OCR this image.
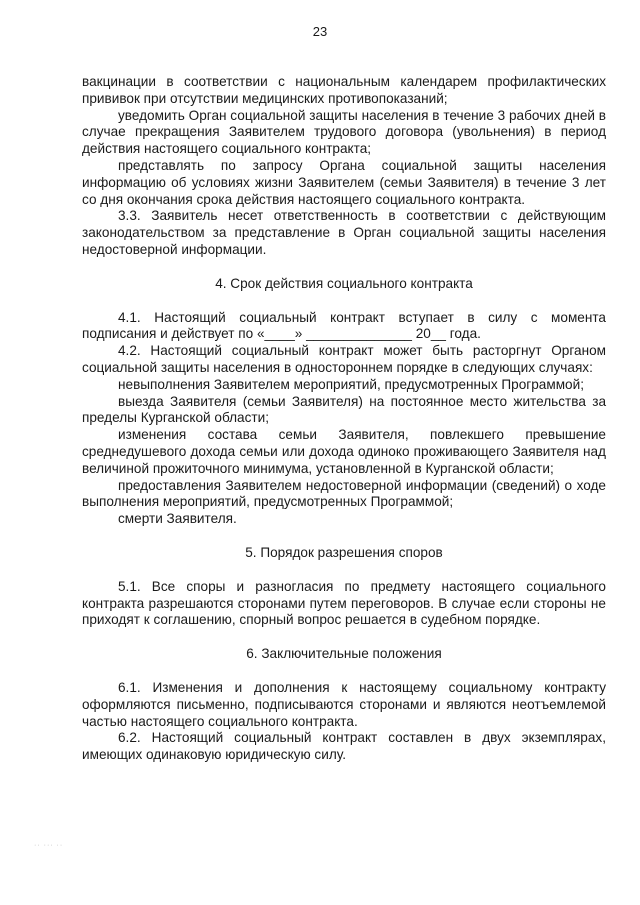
23

вакцинации в соответствии с национальным календарем профилактических прививок при отсутствии медицинских противопоказаний;

уведомить Орган социальной защиты населения в течение 3 рабочих дней в случае прекращения Заявителем трудового договора (увольнения) в период действия настоящего социального контракта;

представлять по запросу Органа социальной защиты населения информацию об условиях жизни Заявителем (семьи Заявителя) в течение 3 лет со дня окончания срока действия настоящего социального контракта.

3.3. Заявитель несет ответственность в соответствии с действующим законодательством за представление в Орган социальной защиты населения недостоверной информации.

4. Срок действия социального контракта

4.1. Настоящий социальный контракт вступает в силу с момента подписания и действует по «____» ______________ 20__ года.

4.2. Настоящий социальный контракт может быть расторгнут Органом социальной защиты населения в одностороннем порядке в следующих случаях:

невыполнения Заявителем мероприятий, предусмотренных Программой;

выезда Заявителя (семьи Заявителя) на постоянное место жительства за пределы Курганской области;

изменения состава семьи Заявителя, повлекшего превышение среднедушевого дохода семьи или дохода одиноко проживающего Заявителя над величиной прожиточного минимума, установленной в Курганской области;

предоставления Заявителем недостоверной информации (сведений) о ходе выполнения мероприятий, предусмотренных Программой;

смерти Заявителя.

5. Порядок разрешения споров

5.1. Все споры и разногласия по предмету настоящего социального контракта разрешаются сторонами путем переговоров. В случае если стороны не приходят к соглашению, спорный вопрос решается в судебном порядке.

6. Заключительные положения

6.1. Изменения и дополнения к настоящему социальному контракту оформляются письменно, подписываются сторонами и являются неотъемлемой частью настоящего социального контракта.

6.2. Настоящий социальный контракт составлен в двух экземплярах, имеющих одинаковую юридическую силу.

·· ··· ··
